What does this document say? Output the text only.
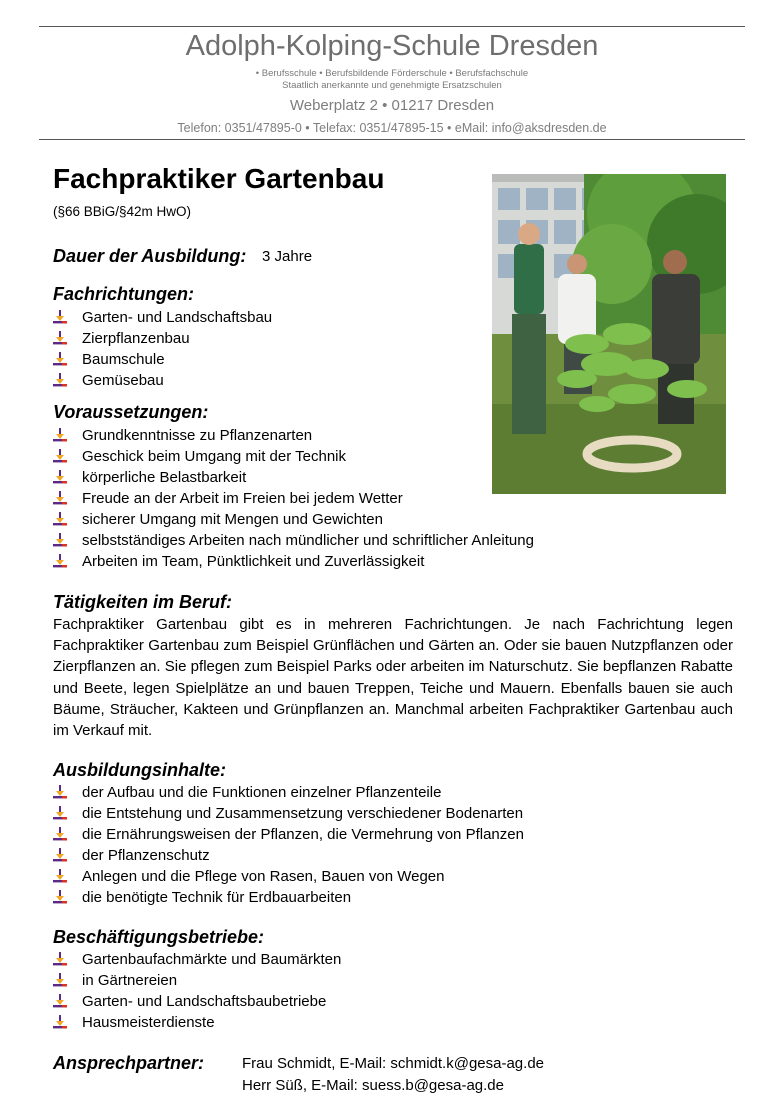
Adolph-Kolping-Schule Dresden
• Berufsschule • Berufsbildende Förderschule • Berufsfachschule
Staatlich anerkannte und genehmigte Ersatzschulen
Weberplatz 2 • 01217 Dresden
Telefon: 0351/47895-0 • Telefax: 0351/47895-15 • eMail: info@aksdresden.de
Fachpraktiker Gartenbau
(§66 BBiG/§42m HwO)
Dauer der Ausbildung: 3 Jahre
Fachrichtungen:
Garten- und Landschaftsbau
Zierpflanzenbau
Baumschule
Gemüsebau
Voraussetzungen:
Grundkenntnisse zu Pflanzenarten
Geschick beim Umgang mit der Technik
körperliche Belastbarkeit
Freude an der Arbeit im Freien bei jedem Wetter
sicherer Umgang mit Mengen und Gewichten
selbstständiges Arbeiten nach mündlicher und schriftlicher Anleitung
Arbeiten im Team, Pünktlichkeit und Zuverlässigkeit
Tätigkeiten im Beruf:
Fachpraktiker Gartenbau gibt es in mehreren Fachrichtungen. Je nach Fachrichtung legen Fachpraktiker Gartenbau zum Beispiel Grünflächen und Gärten an. Oder sie bauen Nutzpflanzen oder Zierpflanzen an. Sie pflegen zum Beispiel Parks oder arbeiten im Naturschutz. Sie bepflanzen Rabatte und Beete, legen Spielplätze an und bauen Treppen, Teiche und Mauern. Ebenfalls bauen sie auch Bäume, Sträucher, Kakteen und Grünpflanzen an. Manchmal arbeiten Fachpraktiker Gartenbau auch im Verkauf mit.
Ausbildungsinhalte:
der Aufbau und die Funktionen einzelner Pflanzenteile
die Entstehung und Zusammensetzung verschiedener Bodenarten
die Ernährungsweisen der Pflanzen, die Vermehrung von Pflanzen
der Pflanzenschutz
Anlegen und die Pflege von Rasen, Bauen von Wegen
die benötigte Technik für Erdbauarbeiten
Beschäftigungsbetriebe:
Gartenbaufachmärkte und Baumärkten
in Gärtnereien
Garten- und Landschaftsbaubetriebe
Hausmeisterdienste
Ansprechpartner:	Frau Schmidt, E-Mail: schmidt.k@gesa-ag.de
Herr Süß, E-Mail: suess.b@gesa-ag.de
